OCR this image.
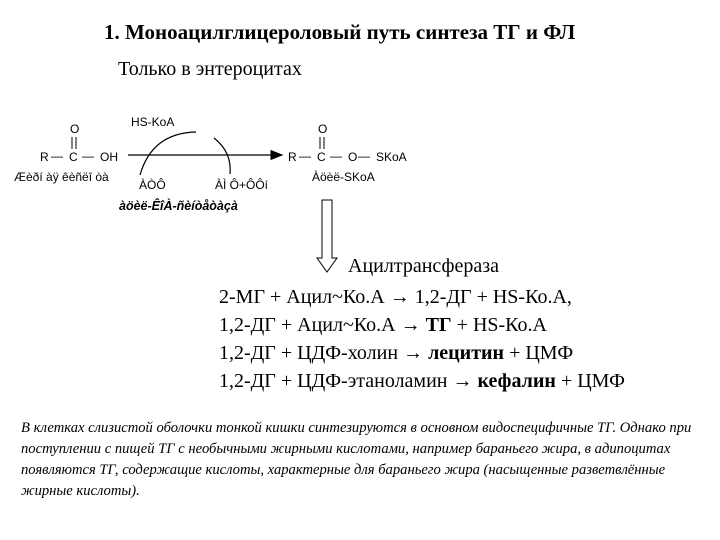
1. Моноацилглицероловый путь синтеза ТГ и ФЛ
Только в энтероцитах
O
R — C — OH
Æèðí àÿ êèñëî òà
HS-KoA
ÀÒÔ	ÀÌ Ô+ÔÔí
O
R — C — O — SKoA
Àöèë-SKoA
àöèë-ÊîÀ-ñèíòåòàçà
Ацилтрансфераза
2-МГ + Ацил~Ко.А → 1,2-ДГ + HS-Ко.А,
1,2-ДГ + Ацил~Ко.А → ТГ + HS-Ко.А
1,2-ДГ + ЦДФ-холин → лецитин + ЦМФ
1,2-ДГ + ЦДФ-этаноламин → кефалин + ЦМФ
В клетках слизистой оболочки тонкой кишки синтезируются в основном видоспецифичные ТГ. Однако при поступлении с пищей ТГ с необычными жирными кислотами, например бараньего жира, в адипоцитах появляются ТГ, содержащие кислоты, характерные для бараньего жира (насыщенные разветвлённые жирные кислоты).
